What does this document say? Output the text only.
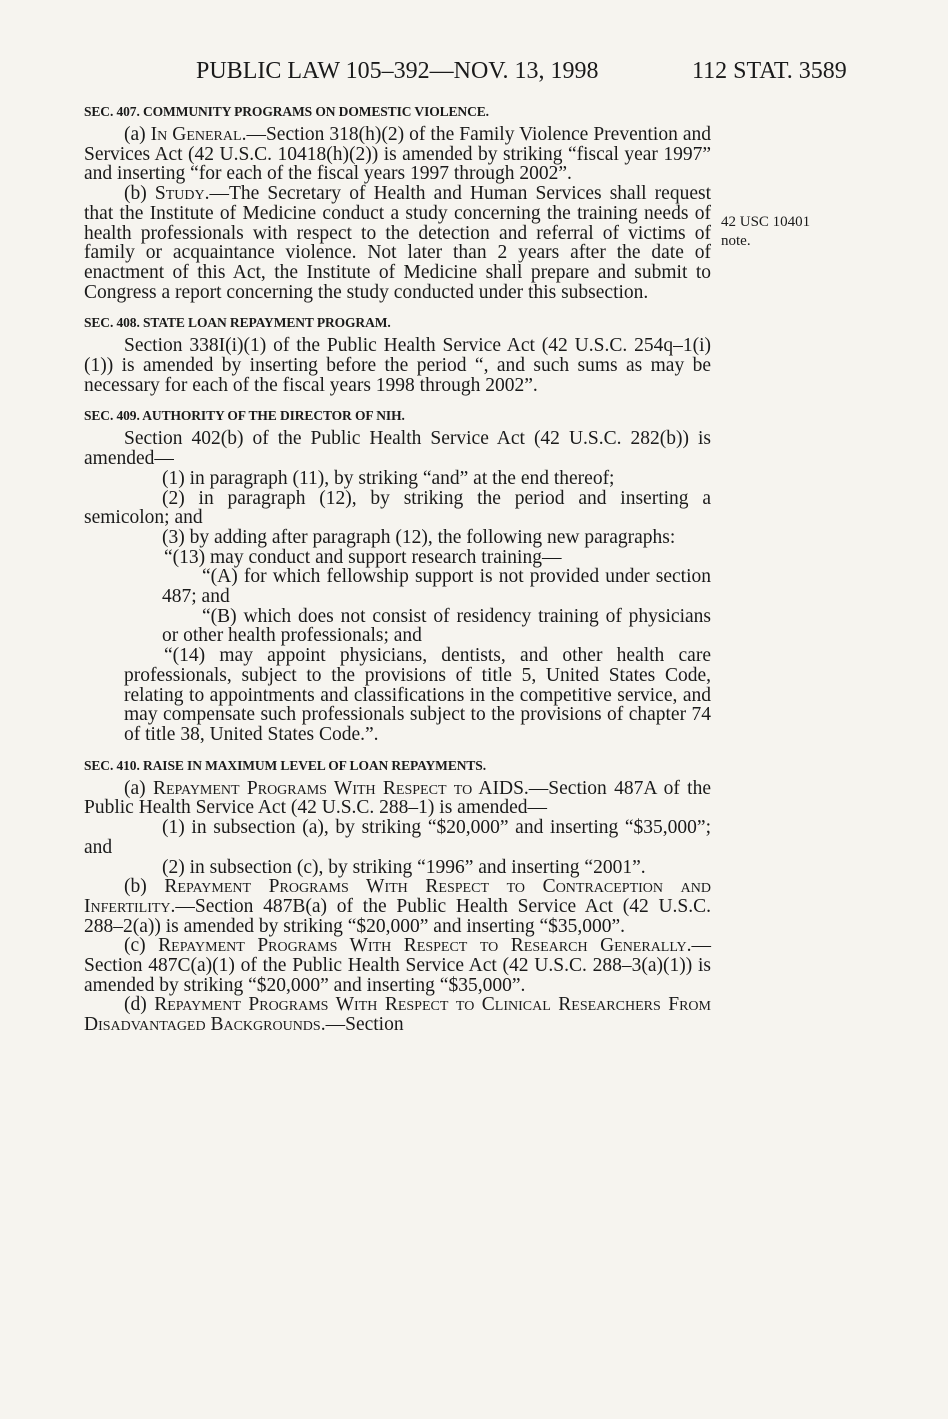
PUBLIC LAW 105–392—NOV. 13, 1998	112 STAT. 3589
42 USC 10401
note.
SEC. 407. COMMUNITY PROGRAMS ON DOMESTIC VIOLENCE.

(a) In General.—Section 318(h)(2) of the Family Violence Prevention and Services Act (42 U.S.C. 10418(h)(2)) is amended by striking “fiscal year 1997” and inserting “for each of the fiscal years 1997 through 2002”.

(b) Study.—The Secretary of Health and Human Services shall request that the Institute of Medicine conduct a study concerning the training needs of health professionals with respect to the detection and referral of victims of family or acquaintance violence. Not later than 2 years after the date of enactment of this Act, the Institute of Medicine shall prepare and submit to Congress a report concerning the study conducted under this subsection.

SEC. 408. STATE LOAN REPAYMENT PROGRAM.

Section 338I(i)(1) of the Public Health Service Act (42 U.S.C. 254q–1(i)(1)) is amended by inserting before the period “, and such sums as may be necessary for each of the fiscal years 1998 through 2002”.

SEC. 409. AUTHORITY OF THE DIRECTOR OF NIH.

Section 402(b) of the Public Health Service Act (42 U.S.C. 282(b)) is amended—

(1) in paragraph (11), by striking “and” at the end thereof;

(2) in paragraph (12), by striking the period and inserting a semicolon; and

(3) by adding after paragraph (12), the following new paragraphs:

“(13) may conduct and support research training—

“(A) for which fellowship support is not provided under section 487; and

“(B) which does not consist of residency training of physicians or other health professionals; and

“(14) may appoint physicians, dentists, and other health care professionals, subject to the provisions of title 5, United States Code, relating to appointments and classifications in the competitive service, and may compensate such professionals subject to the provisions of chapter 74 of title 38, United States Code.”.

SEC. 410. RAISE IN MAXIMUM LEVEL OF LOAN REPAYMENTS.

(a) Repayment Programs With Respect to AIDS.—Section 487A of the Public Health Service Act (42 U.S.C. 288–1) is amended—

(1) in subsection (a), by striking “$20,000” and inserting “$35,000”; and

(2) in subsection (c), by striking “1996” and inserting “2001”.

(b) Repayment Programs With Respect to Contraception and Infertility.—Section 487B(a) of the Public Health Service Act (42 U.S.C. 288–2(a)) is amended by striking “$20,000” and inserting “$35,000”.

(c) Repayment Programs With Respect to Research Generally.—Section 487C(a)(1) of the Public Health Service Act (42 U.S.C. 288–3(a)(1)) is amended by striking “$20,000” and inserting “$35,000”.

(d) Repayment Programs With Respect to Clinical Researchers From Disadvantaged Backgrounds.—Section
